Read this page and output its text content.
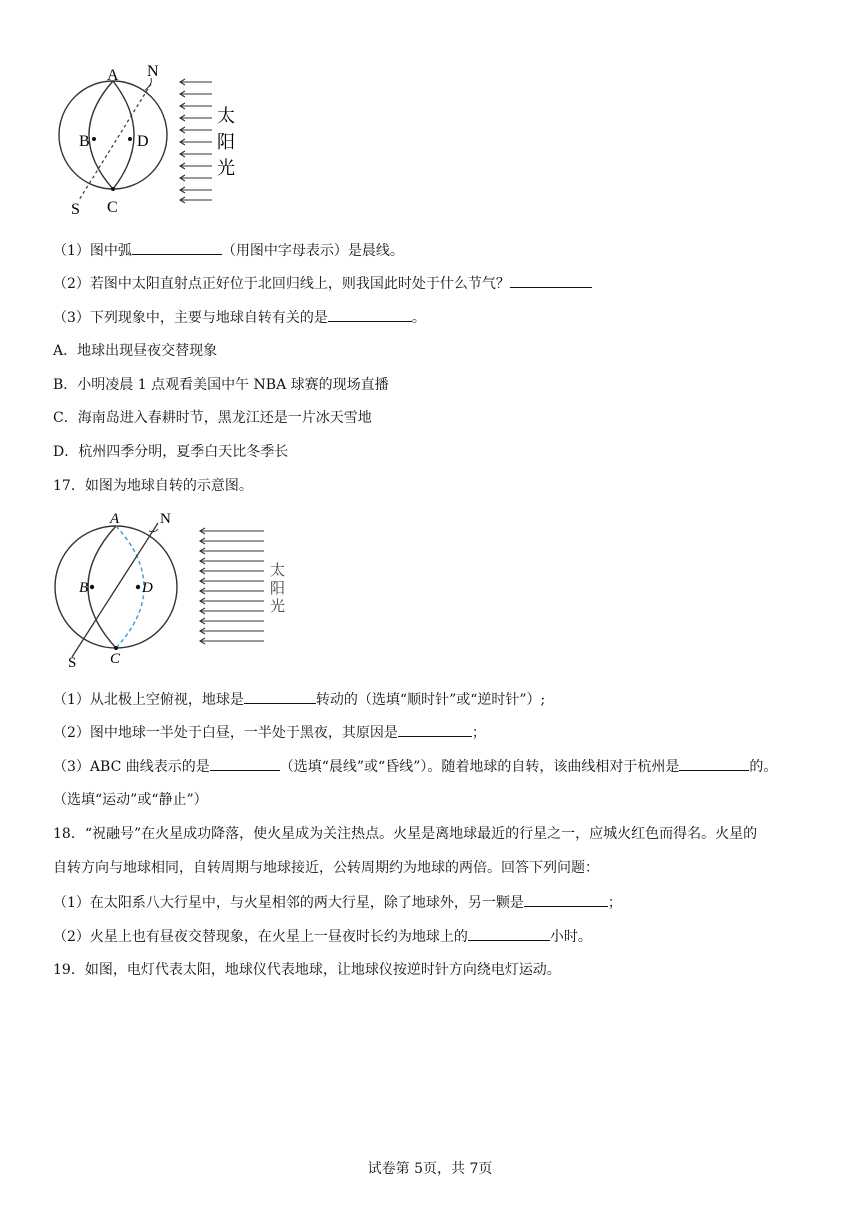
A N
B	D
S C
太
阳
光
（1）图中弧	（用图中字母表示）是晨线。
（2）若图中太阳直射点正好位于北回归线上，则我国此时处于什么节气？
（3）下列现象中，主要与地球自转有关的是	。
A．地球出现昼夜交替现象
B．小明凌晨 1 点观看美国中午 NBA 球赛的现场直播
C．海南岛进入春耕时节，黑龙江还是一片冰天雪地
D．杭州四季分明，夏季白天比冬季长
17．如图为地球自转的示意图。
A	N
B	D
S C
太
阳
光
（1）从北极上空俯视，地球是	转动的（选填“顺时针”或“逆时针”）;
（2）图中地球一半处于白昼，一半处于黑夜，其原因是	；
（3）ABC 曲线表示的是	（选填“晨线”或“昏线”）。随着地球的自转，该曲线相对于杭州是	的。
（选填“运动”或“静止”）
18．“祝融号”在火星成功降落，使火星成为关注热点。火星是离地球最近的行星之一，应城火红色而得名。火星的
自转方向与地球相同，自转周期与地球接近，公转周期约为地球的两倍。回答下列问题：
（1）在太阳系八大行星中，与火星相邻的两大行星，除了地球外，另一颗是	；
（2）火星上也有昼夜交替现象，在火星上一昼夜时长约为地球上的	小时。
19．如图，电灯代表太阳，地球仪代表地球，让地球仪按逆时针方向绕电灯运动。
试卷第 5页，共 7页
